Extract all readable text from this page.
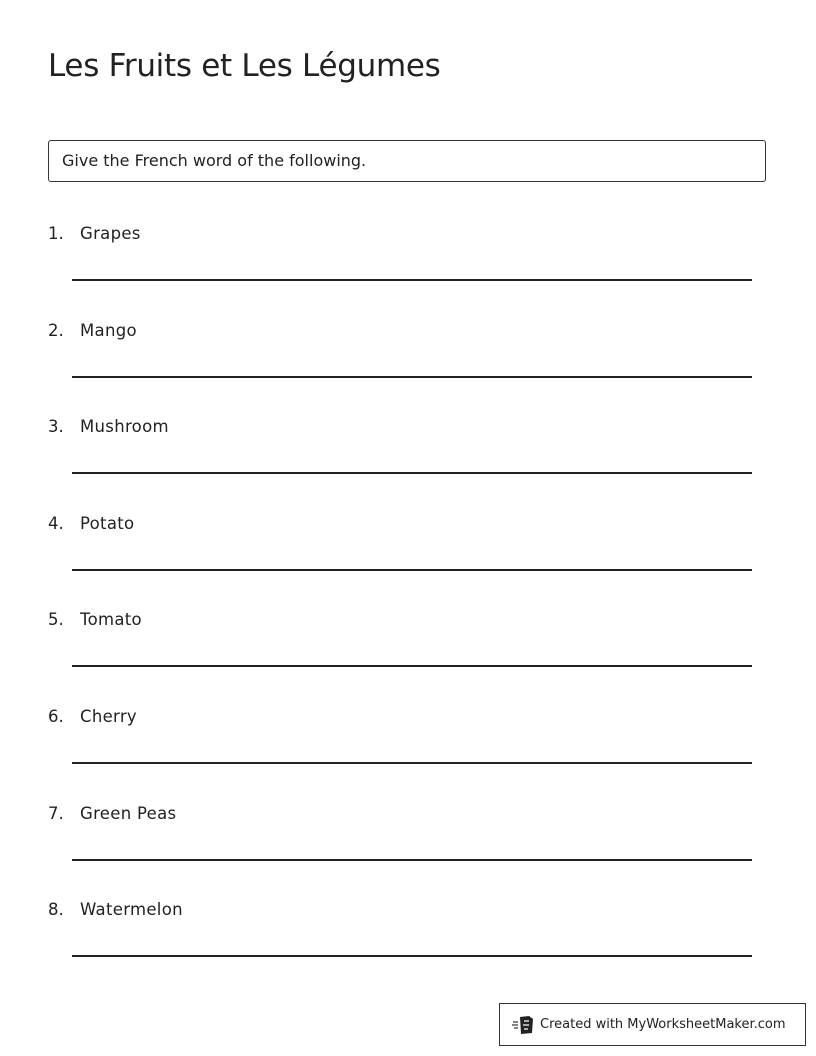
Les Fruits et Les Légumes
Give the French word of the following.
1. Grapes
2. Mango
3. Mushroom
4. Potato
5. Tomato
6. Cherry
7. Green Peas
8. Watermelon
Created with MyWorksheetMaker.com
